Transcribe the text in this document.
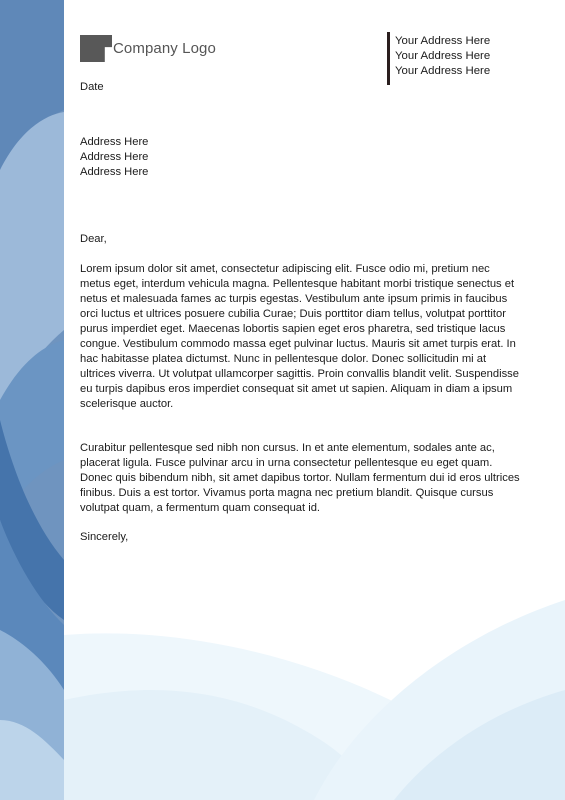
Company Logo	Your Address Here
Your Address Here
Your Address Here
Date
Address Here
Address Here
Address Here
Dear,

Lorem ipsum dolor sit amet, consectetur adipiscing elit. Fusce odio mi, pretium nec metus eget, interdum vehicula magna. Pellentesque habitant morbi tristique senectus et netus et malesuada fames ac turpis egestas. Vestibulum ante ipsum primis in faucibus orci luctus et ultrices posuere cubilia Curae; Duis porttitor diam tellus, volutpat porttitor purus imperdiet eget. Maecenas lobortis sapien eget eros pharetra, sed tristique lacus congue. Vestibulum commodo massa eget pulvinar luctus. Mauris sit amet turpis erat. In hac habitasse platea dictumst. Nunc in pellentesque dolor. Donec sollicitudin mi at ultrices viverra. Ut volutpat ullamcorper sagittis. Proin convallis blandit velit. Suspendisse eu turpis dapibus eros imperdiet consequat sit amet ut sapien. Aliquam in diam a ipsum scelerisque auctor.

Curabitur pellentesque sed nibh non cursus. In et ante elementum, sodales ante ac, placerat ligula. Fusce pulvinar arcu in urna consectetur pellentesque eu eget quam. Donec quis bibendum nibh, sit amet dapibus tortor. Nullam fermentum dui id eros ultrices finibus. Duis a est tortor. Vivamus porta magna nec pretium blandit. Quisque cursus volutpat quam, a fermentum quam consequat id.

Sincerely,
